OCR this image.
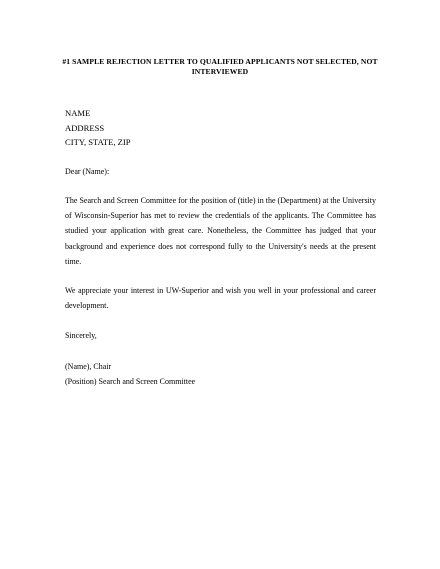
#1 SAMPLE REJECTION LETTER TO QUALIFIED APPLICANTS NOT SELECTED, NOT INTERVIEWED
NAME
ADDRESS
CITY, STATE, ZIP
Dear (Name):
The Search and Screen Committee for the position of (title) in the (Department) at the University of Wisconsin-Superior has met to review the credentials of the applicants. The Committee has studied your application with great care. Nonetheless, the Committee has judged that your background and experience does not correspond fully to the University's needs at the present time.
We appreciate your interest in UW-Superior and wish you well in your professional and career development.
Sincerely,
(Name), Chair
(Position) Search and Screen Committee
